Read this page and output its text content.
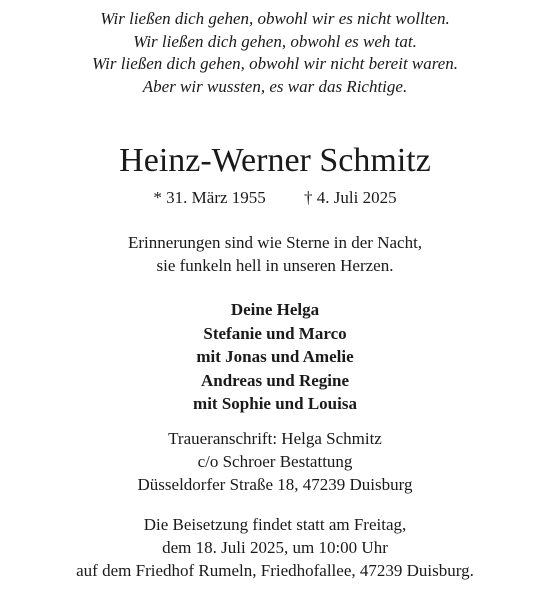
Wir ließen dich gehen, obwohl wir es nicht wollten.
Wir ließen dich gehen, obwohl es weh tat.
Wir ließen dich gehen, obwohl wir nicht bereit waren.
Aber wir wussten, es war das Richtige.
Heinz-Werner Schmitz
* 31. März 1955 † 4. Juli 2025
Erinnerungen sind wie Sterne in der Nacht,
sie funkeln hell in unseren Herzen.
Deine Helga
Stefanie und Marco
mit Jonas und Amelie
Andreas und Regine
mit Sophie und Louisa
Traueranschrift: Helga Schmitz
c/o Schroer Bestattung
Düsseldorfer Straße 18, 47239 Duisburg
Die Beisetzung findet statt am Freitag,
dem 18. Juli 2025, um 10:00 Uhr
auf dem Friedhof Rumeln, Friedhofallee, 47239 Duisburg.
